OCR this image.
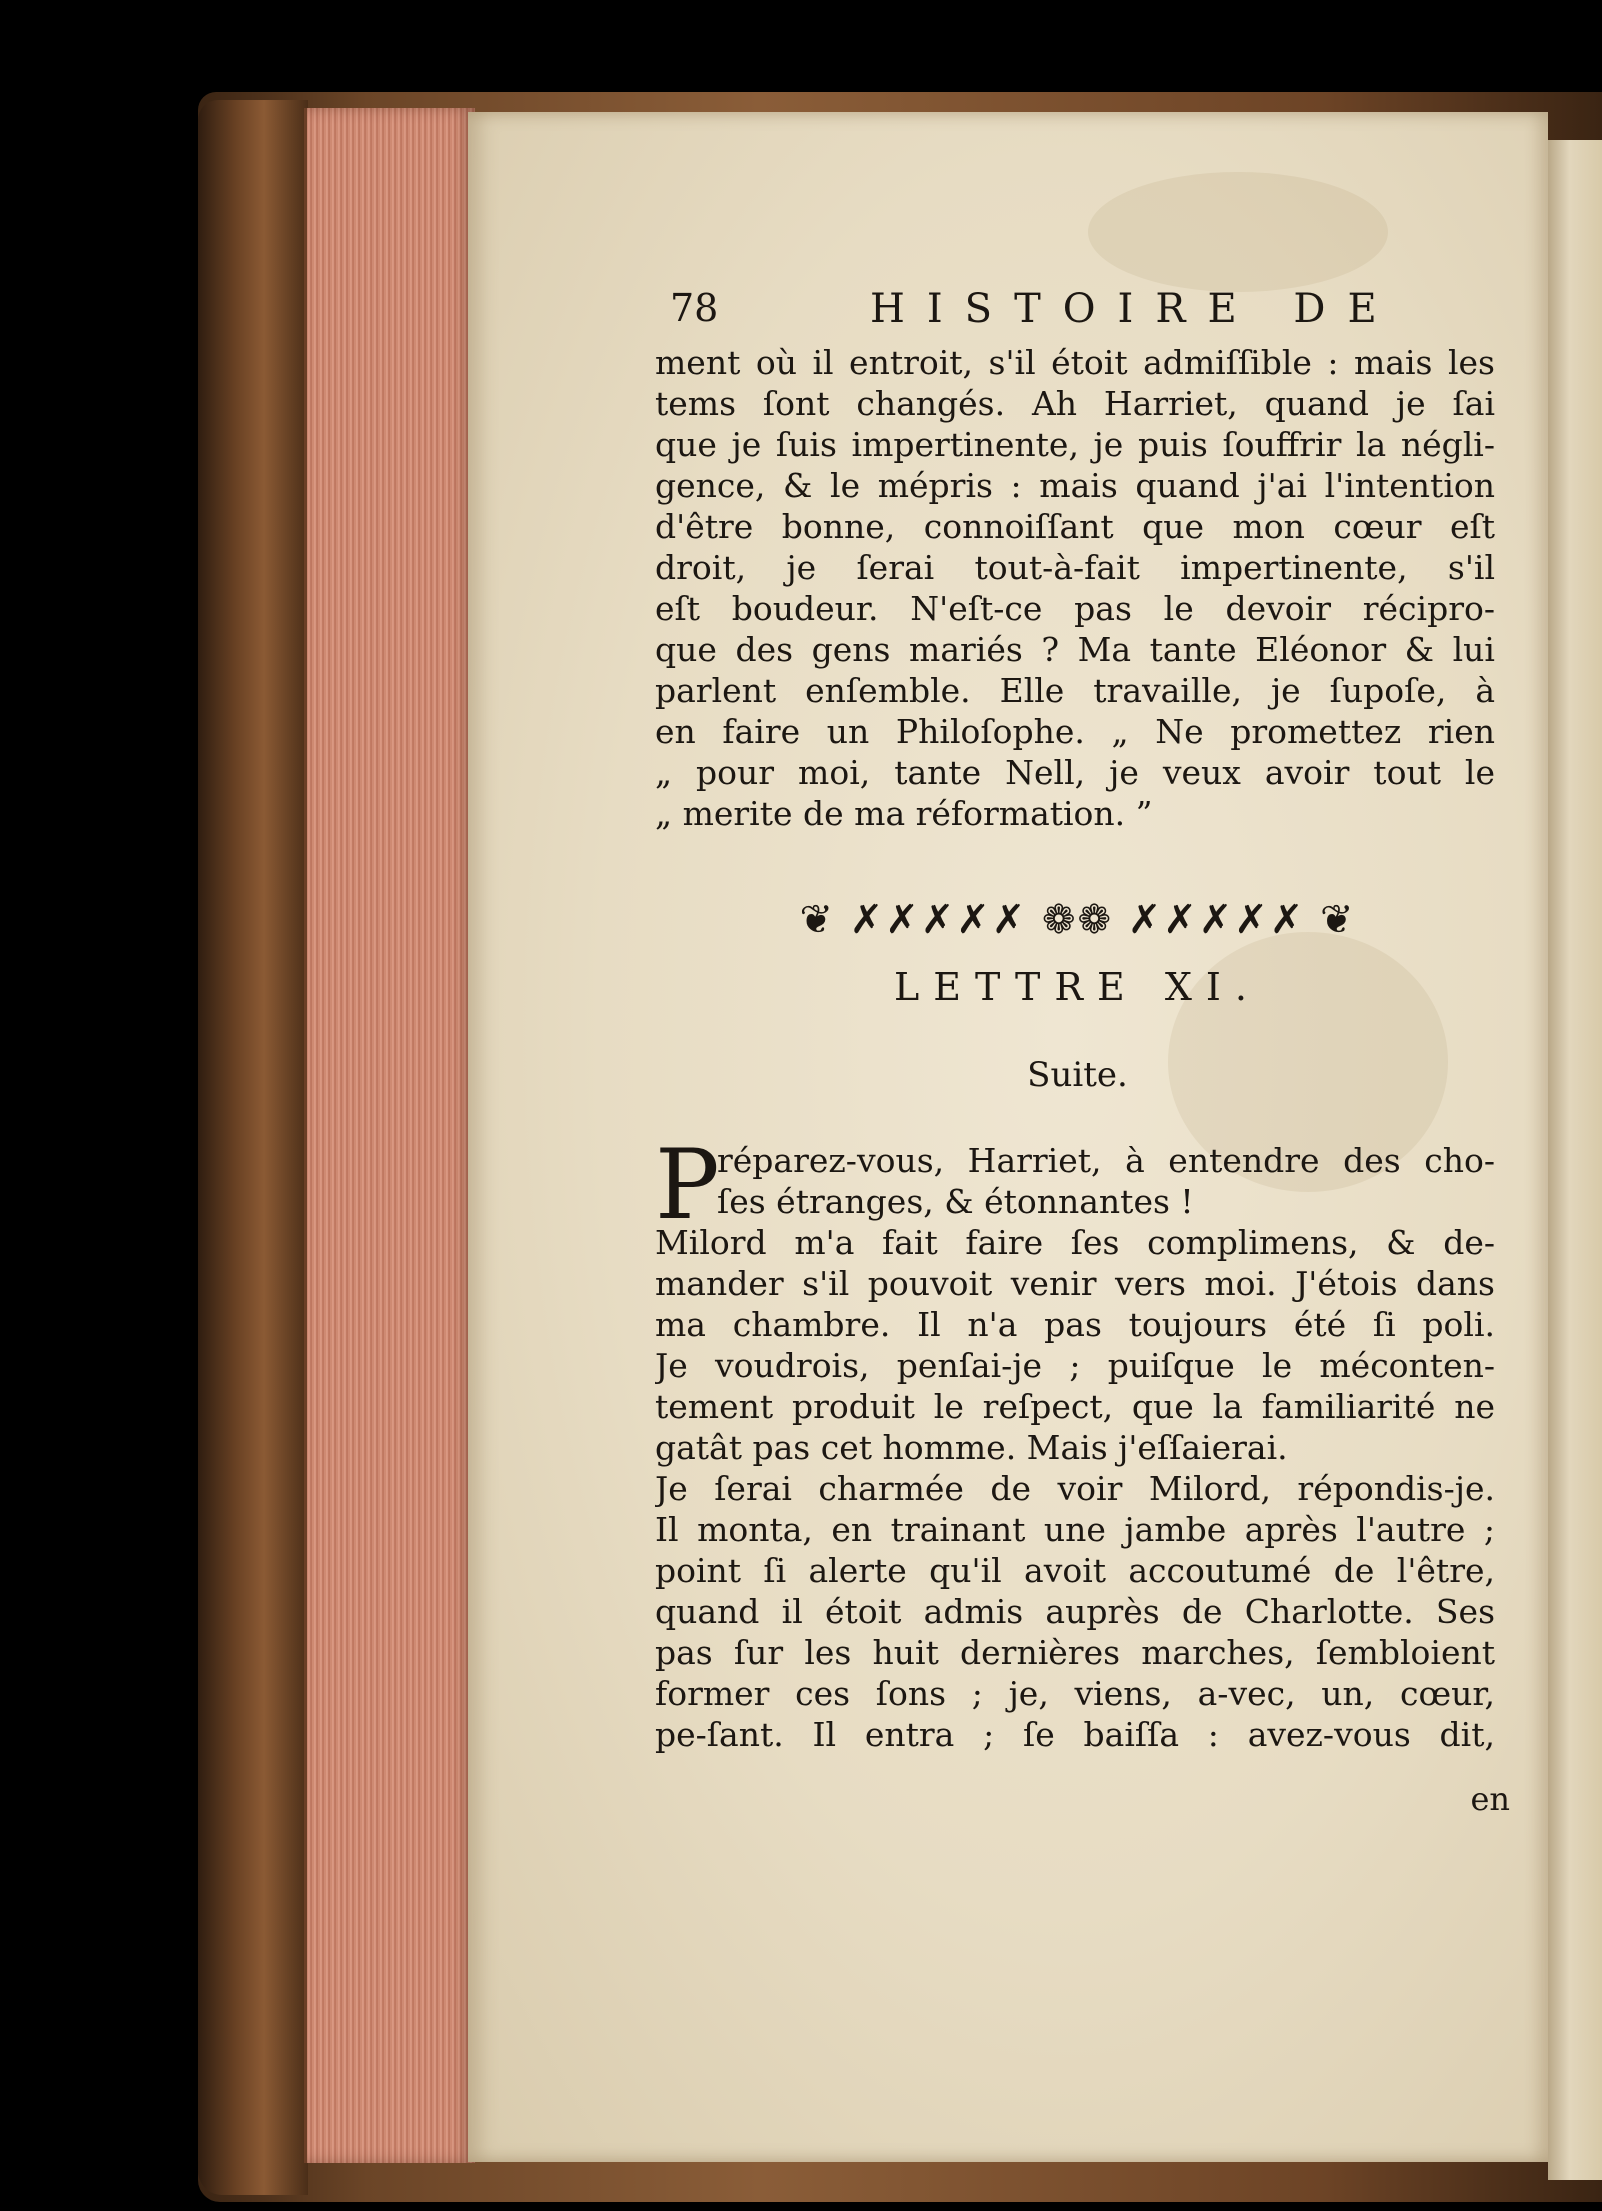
78	HISTOIRE DE
ment où il entroit, s'il étoit admiſſible : mais les
tems ſont changés. Ah Harriet, quand je ſai
que je ſuis impertinente, je puis ſouffrir la négli-
gence, & le mépris : mais quand j'ai l'intention
d'être bonne, connoiſſant que mon cœur eſt
droit, je ſerai tout-à-fait impertinente, s'il
eſt boudeur. N'eſt-ce pas le devoir récipro-
que des gens mariés ? Ma tante Eléonor & lui
parlent enſemble. Elle travaille, je ſupoſe, à
en faire un Philoſophe. „ Ne promettez rien
„ pour moi, tante Nell, je veux avoir tout le
„ merite de ma réformation. ”
❦ ✗✗✗✗✗ ❁❁ ✗✗✗✗✗ ❦
LETTRE XI.
Suite.
P
réparez-vous, Harriet, à entendre des cho-
ſes étranges, & étonnantes !
Milord m'a fait faire ſes complimens, & de-
mander s'il pouvoit venir vers moi. J'étois dans
ma chambre. Il n'a pas toujours été ſi poli.
Je voudrois, penſai-je ; puiſque le méconten-
tement produit le reſpect, que la familiarité ne
gatât pas cet homme. Mais j'eſſaierai.
Je ſerai charmée de voir Milord, répondis-je.
Il monta, en trainant une jambe après l'autre ;
point ſi alerte qu'il avoit accoutumé de l'être,
quand il étoit admis auprès de Charlotte. Ses
pas ſur les huit dernières marches, ſembloient
former ces ſons ; je, viens, a-vec, un, cœur,
pe-ſant. Il entra ; ſe baiſſa : avez-vous dit,
en
